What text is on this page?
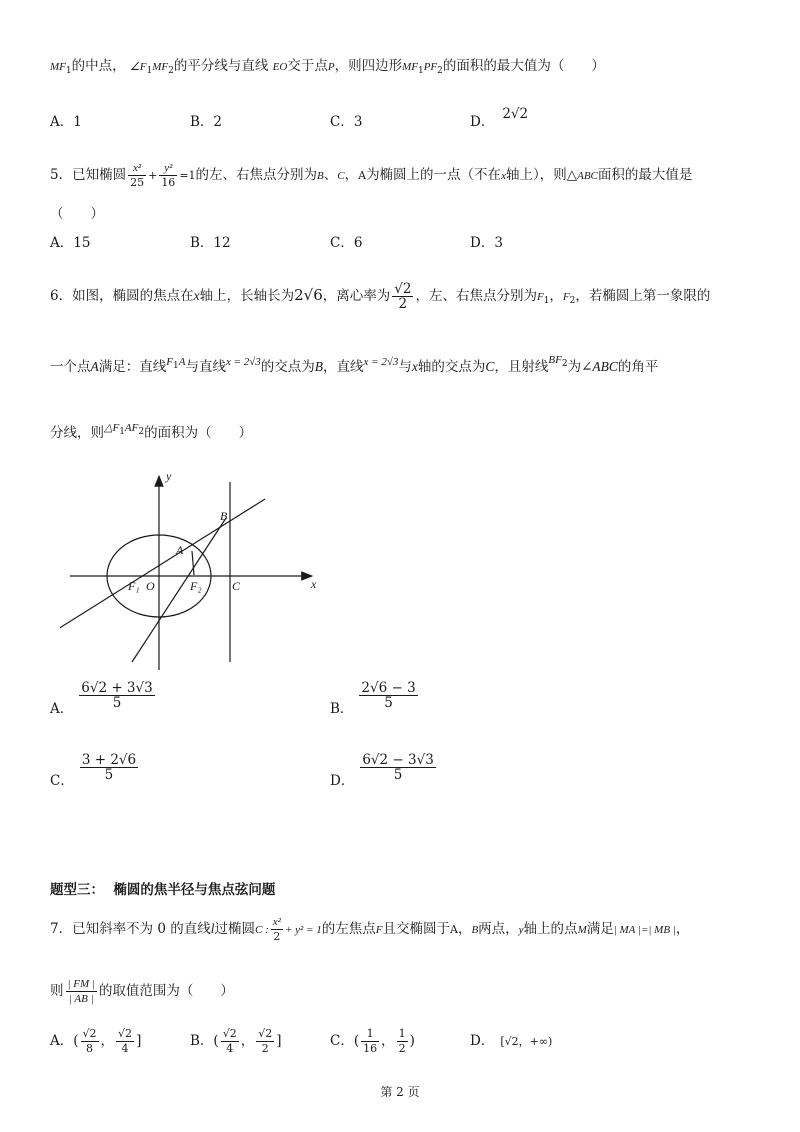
$MF_1$的中点， $\angle F_1MF_2$的平分线与直线 EO交于点P，则四边形$MF_1PF_2$的面积的最大值为（　　）
A．1	B．2	C．3	D． 2√2
5．已知椭圆 $\frac{\text{x²}}{25} + \frac{\text{y²}}{16} =1$的左、右焦点分别为B、C，A为椭圆上的一点（不在x轴上），则△ABC面积的最大值是
（　　）
A．15	B．12	C．6	D．3
6．如图，椭圆的焦点在x轴上，长轴长为2√6，离心率为 $\frac{√2}{2}$ ，左、右焦点分别为$F_1$，$F_2$，若椭圆上第一象限的
一个点A满足：直线$^{F1A}$与直线$^{x = 2√3}$的交点为B，直线$^{x = 2√3}$与x轴的交点为C，且射线$^{BF2}$为∠ABC的角平
分线，则$^{\triangle F1AF2}$的面积为（　　）
y
x
O
A
B
C
F₁	F₂
A． $\frac{6√2 + 3√3}{5}$	B． $\frac{2√6 - 3}{5}$
C． $\frac{3 + 2√6}{5}$	D． $\frac{6√2 - 3√3}{5}$
题型三： 椭圆的焦半径与焦点弦问题
7．已知斜率不为 0 的直线l过椭圆C : $\frac{\text{x²}}{2} + y^2 = 1$的左焦点F且交椭圆于A，B两点，y轴上的点M满足| MA |=| MB |，
则 $\frac{| FM |}{| AB |}$ 的取值范围为（　　）
A．( $\frac{√2}{8}$ ， $\frac{√2}{4}$ ]	B．( $\frac{√2}{4}$ ， $\frac{√2}{2}$ ]	C．( $\frac{1}{16}$ ， $\frac{1}{2}$ )	D． [√2，+∞)
第 2 页
